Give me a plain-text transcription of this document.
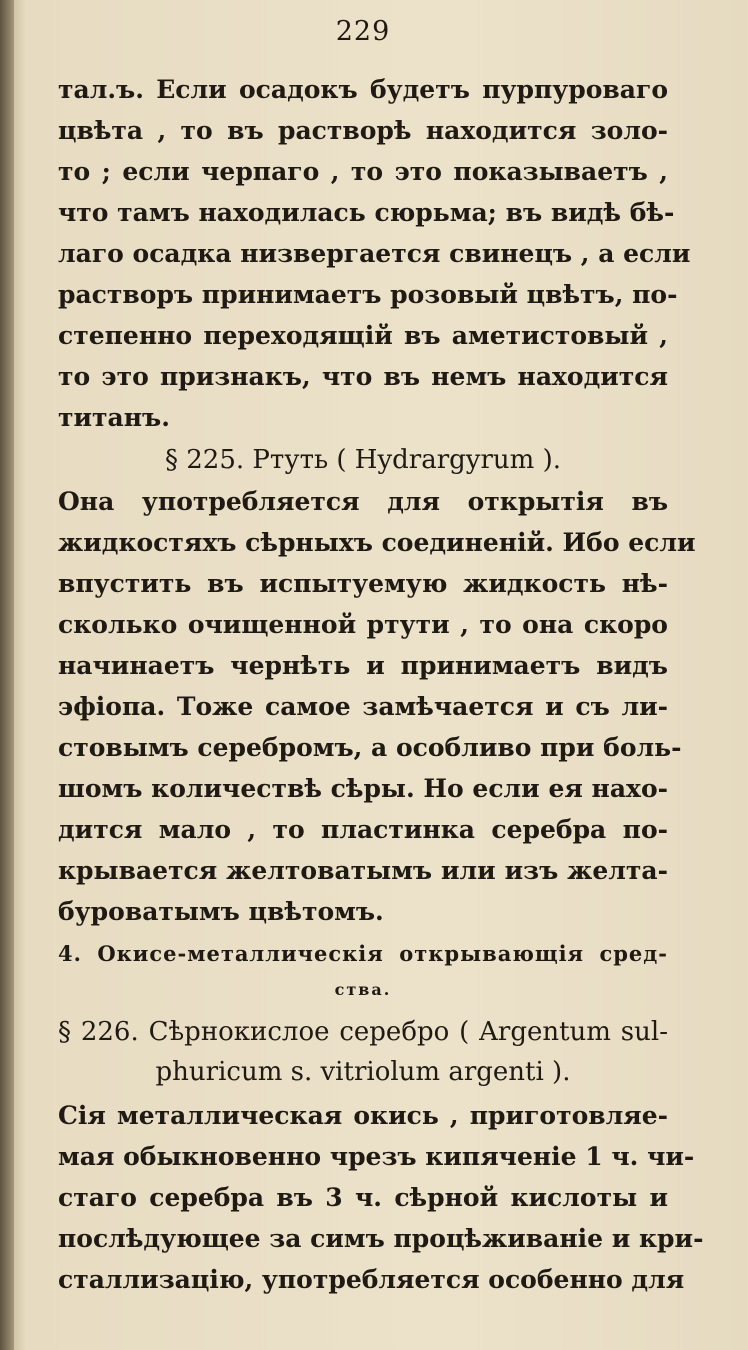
229
тал.ъ. Если осадокъ будетъ пурпуроваго
цвѣта , то въ растворѣ находится золо-
то ; если черпаго , то это показываетъ ,
что тамъ находилась сюрьма; въ видѣ бѣ-
лаго осадка низвергается свинецъ , а если
растворъ принимаетъ розовый цвѣтъ, по-
степенно переходящій въ аметистовый ,
то это признакъ, что въ немъ находится
титанъ.
§ 225. Ртуть ( Hydrargyrum ).
Она употребляется для открытія въ
жидкостяхъ сѣрныхъ соединеній. Ибо если
впустить въ испытуемую жидкость нѣ-
сколько очищенной ртути , то она скоро
начинаетъ чернѣть и принимаетъ видъ
эфіопа. Тоже самое замѣчается и съ ли-
стовымъ серебромъ, а особливо при боль-
шомъ количествѣ сѣры. Но если ея нахо-
дится мало , то пластинка серебра по-
крывается желтоватымъ или изъ желта-
буроватымъ цвѣтомъ.
4. Окисе-металлическія открывающія сред-
ства.
§ 226. Сѣрнокислое серебро ( Argentum sul-
phuricum s. vitriolum argenti ).
Сія металлическая окись , приготовляе-
мая обыкновенно чрезъ кипяченіе 1 ч. чи-
стаго серебра въ 3 ч. сѣрной кислоты и
послѣдующее за симъ процѣживаніе и кри-
сталлизацію, употребляется особенно для
